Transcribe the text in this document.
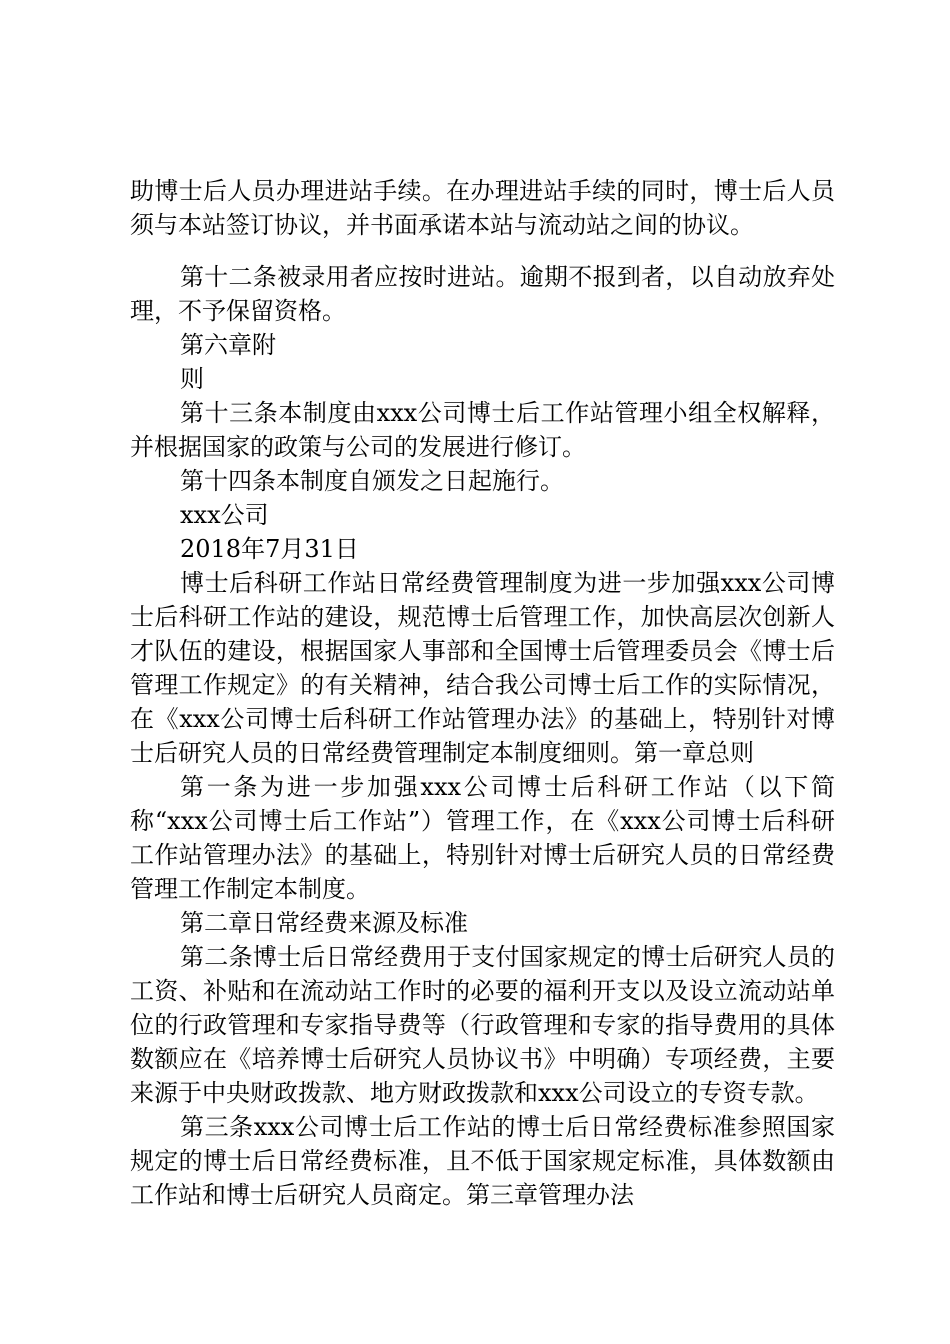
助博士后人员办理进站手续。在办理进站手续的同时，博士后人员须与本站签订协议，并书面承诺本站与流动站之间的协议。

第十二条被录用者应按时进站。逾期不报到者，以自动放弃处理，不予保留资格。

第六章附
则

第十三条本制度由xxx公司博士后工作站管理小组全权解释，并根据国家的政策与公司的发展进行修订。

第十四条本制度自颁发之日起施行。

xxx公司

2018年7月31日

博士后科研工作站日常经费管理制度为进一步加强xxx公司博士后科研工作站的建设，规范博士后管理工作，加快高层次创新人才队伍的建设，根据国家人事部和全国博士后管理委员会《博士后管理工作规定》的有关精神，结合我公司博士后工作的实际情况，在《xxx公司博士后科研工作站管理办法》的基础上，特别针对博士后研究人员的日常经费管理制定本制度细则。第一章总则

第一条为进一步加强xxx公司博士后科研工作站（以下简称“xxx公司博士后工作站”）管理工作，在《xxx公司博士后科研工作站管理办法》的基础上，特别针对博士后研究人员的日常经费管理工作制定本制度。

第二章日常经费来源及标准

第二条博士后日常经费用于支付国家规定的博士后研究人员的工资、补贴和在流动站工作时的必要的福利开支以及设立流动站单位的行政管理和专家指导费等（行政管理和专家的指导费用的具体数额应在《培养博士后研究人员协议书》中明确）专项经费，主要来源于中央财政拨款、地方财政拨款和xxx公司设立的专资专款。

第三条xxx公司博士后工作站的博士后日常经费标准参照国家规定的博士后日常经费标准，且不低于国家规定标准，具体数额由工作站和博士后研究人员商定。第三章管理办法
